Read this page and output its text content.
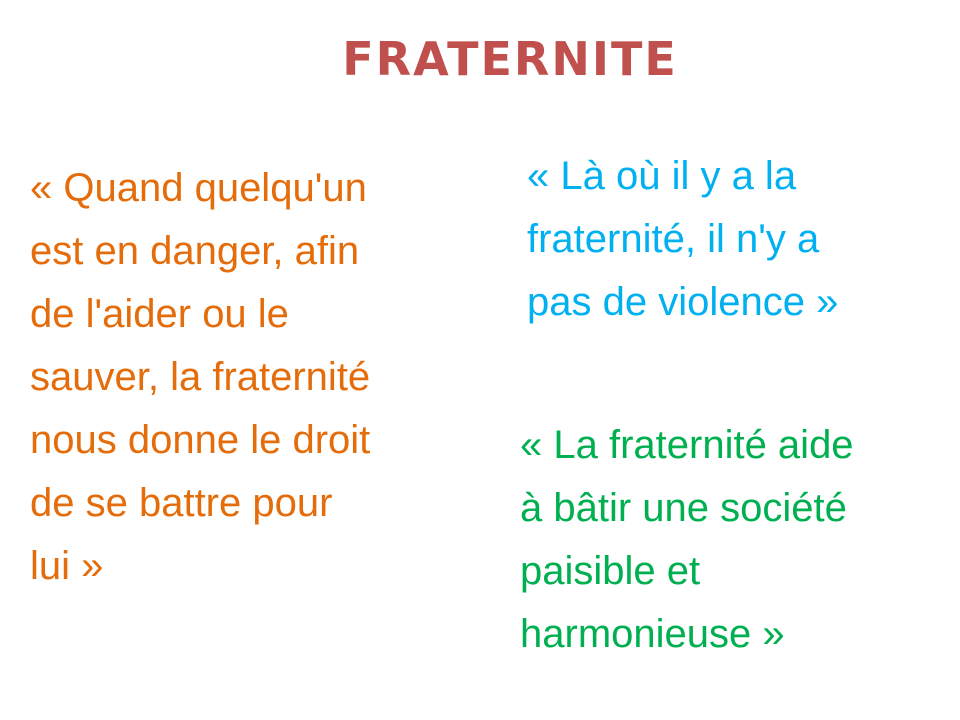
FRATERNITE
« Quand quelqu'un
est en danger, afin
de l'aider ou le
sauver, la fraternité
nous donne le droit
de se battre pour
lui »
« Là où il y a la
fraternité, il n'y a
pas de violence »
« La fraternité aide
à bâtir une société
paisible et
harmonieuse »
